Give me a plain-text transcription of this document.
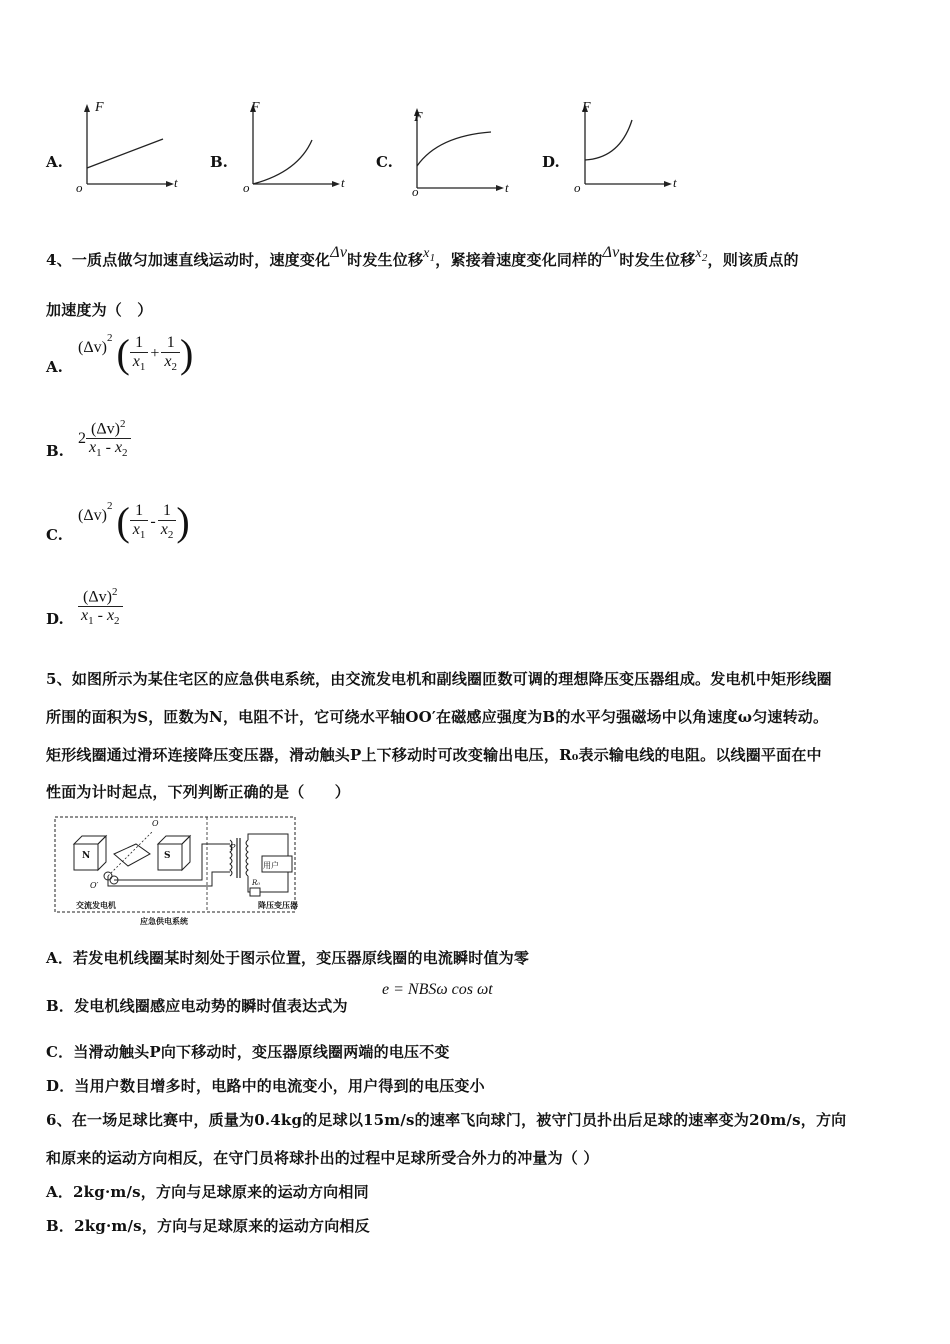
A.
F
t
o
B.
F
t
o
C.
F
t
o
D.
F
t
o
4、一质点做匀加速直线运动时，速度变化Δv时发生位移$x_1$，紧接着速度变化同样的Δv时发生位移$x_2$，则该质点的
加速度为（　）
A.
$(\Delta v)^2$ ( $\frac{1}{x_1} + \frac{1}{x_2}$ )
B.
$2 \frac{(\Delta v)^2}{x_1 - x_2}$
C.
$(\Delta v)^2$ ( $\frac{1}{x_1} - \frac{1}{x_2}$ )
D. $\frac{(\Delta v)^2}{x_1 - x_2}$
5、如图所示为某住宅区的应急供电系统，由交流发电机和副线圈匝数可调的理想降压变压器组成。发电机中矩形线圈
所围的面积为S，匝数为N，电阻不计，它可绕水平轴OO′在磁感应强度为B的水平匀强磁场中以角速度ω匀速转动。
矩形线圈通过滑环连接降压变压器，滑动触头P上下移动时可改变输出电压，R₀表示输电线的电阻。以线圈平面在中
性面为计时起点，下列判断正确的是（　　）
N	S
用户
P
O
O′	R₀
交流发电机	降压变压器
应急供电系统
A．若发电机线圈某时刻处于图示位置，变压器原线圈的电流瞬时值为零
B．发电机线圈感应电动势的瞬时值表达式为
e = NBSω cos ωt
C．当滑动触头P向下移动时，变压器原线圈两端的电压不变
D．当用户数目增多时，电路中的电流变小，用户得到的电压变小
6、在一场足球比赛中，质量为0.4kg的足球以15m/s的速率飞向球门，被守门员扑出后足球的速率变为20m/s，方向
和原来的运动方向相反，在守门员将球扑出的过程中足球所受合外力的冲量为（ ）
A．2kg·m/s，方向与足球原来的运动方向相同
B．2kg·m/s，方向与足球原来的运动方向相反
